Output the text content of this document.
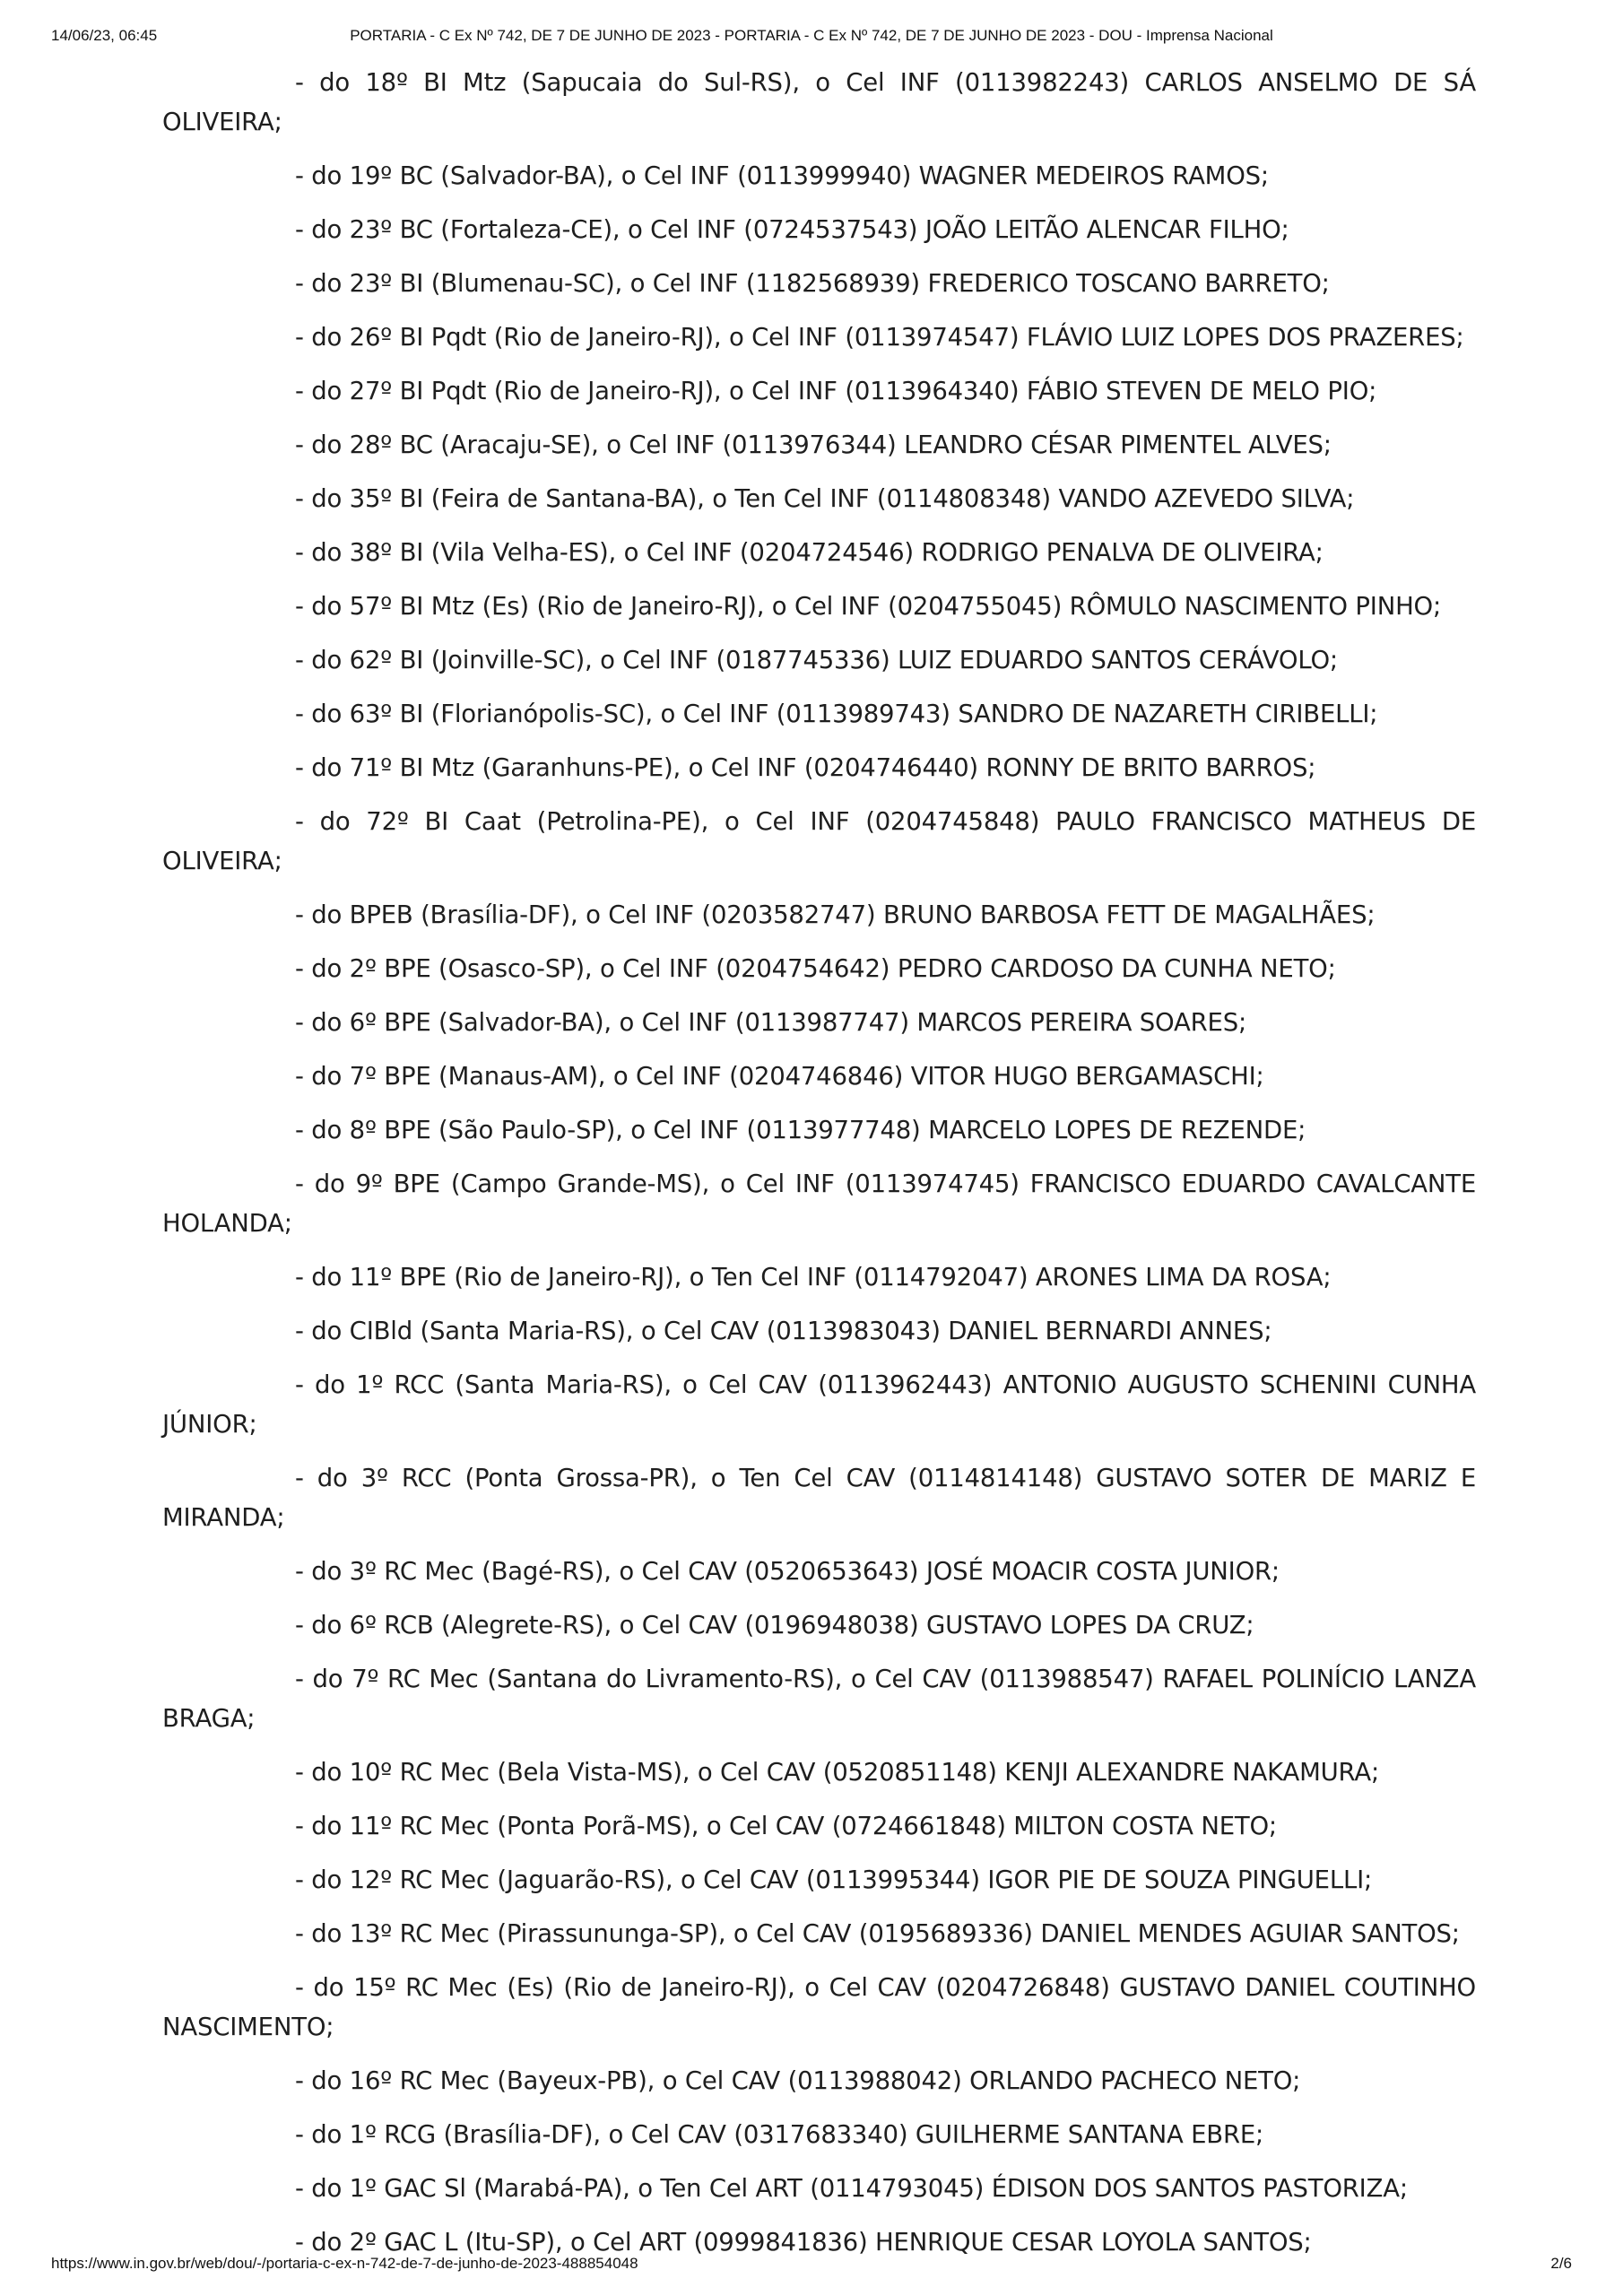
14/06/23, 06:45	PORTARIA - C Ex Nº 742, DE 7 DE JUNHO DE 2023 - PORTARIA - C Ex Nº 742, DE 7 DE JUNHO DE 2023 - DOU - Imprensa Nacional

- do 18º BI Mtz (Sapucaia do Sul-RS), o Cel INF (0113982243) CARLOS ANSELMO DE SÁ OLIVEIRA;

- do 19º BC (Salvador-BA), o Cel INF (0113999940) WAGNER MEDEIROS RAMOS;

- do 23º BC (Fortaleza-CE), o Cel INF (0724537543) JOÃO LEITÃO ALENCAR FILHO;

- do 23º BI (Blumenau-SC), o Cel INF (1182568939) FREDERICO TOSCANO BARRETO;

- do 26º BI Pqdt (Rio de Janeiro-RJ), o Cel INF (0113974547) FLÁVIO LUIZ LOPES DOS PRAZERES;

- do 27º BI Pqdt (Rio de Janeiro-RJ), o Cel INF (0113964340) FÁBIO STEVEN DE MELO PIO;

- do 28º BC (Aracaju-SE), o Cel INF (0113976344) LEANDRO CÉSAR PIMENTEL ALVES;

- do 35º BI (Feira de Santana-BA), o Ten Cel INF (0114808348) VANDO AZEVEDO SILVA;

- do 38º BI (Vila Velha-ES), o Cel INF (0204724546) RODRIGO PENALVA DE OLIVEIRA;

- do 57º BI Mtz (Es) (Rio de Janeiro-RJ), o Cel INF (0204755045) RÔMULO NASCIMENTO PINHO;

- do 62º BI (Joinville-SC), o Cel INF (0187745336) LUIZ EDUARDO SANTOS CERÁVOLO;

- do 63º BI (Florianópolis-SC), o Cel INF (0113989743) SANDRO DE NAZARETH CIRIBELLI;

- do 71º BI Mtz (Garanhuns-PE), o Cel INF (0204746440) RONNY DE BRITO BARROS;

- do 72º BI Caat (Petrolina-PE), o Cel INF (0204745848) PAULO FRANCISCO MATHEUS DE OLIVEIRA;

- do BPEB (Brasília-DF), o Cel INF (0203582747) BRUNO BARBOSA FETT DE MAGALHÃES;

- do 2º BPE (Osasco-SP), o Cel INF (0204754642) PEDRO CARDOSO DA CUNHA NETO;

- do 6º BPE (Salvador-BA), o Cel INF (0113987747) MARCOS PEREIRA SOARES;

- do 7º BPE (Manaus-AM), o Cel INF (0204746846) VITOR HUGO BERGAMASCHI;

- do 8º BPE (São Paulo-SP), o Cel INF (0113977748) MARCELO LOPES DE REZENDE;

- do 9º BPE (Campo Grande-MS), o Cel INF (0113974745) FRANCISCO EDUARDO CAVALCANTE HOLANDA;

- do 11º BPE (Rio de Janeiro-RJ), o Ten Cel INF (0114792047) ARONES LIMA DA ROSA;

- do CIBld (Santa Maria-RS), o Cel CAV (0113983043) DANIEL BERNARDI ANNES;

- do 1º RCC (Santa Maria-RS), o Cel CAV (0113962443) ANTONIO AUGUSTO SCHENINI CUNHA JÚNIOR;

- do 3º RCC (Ponta Grossa-PR), o Ten Cel CAV (0114814148) GUSTAVO SOTER DE MARIZ E MIRANDA;

- do 3º RC Mec (Bagé-RS), o Cel CAV (0520653643) JOSÉ MOACIR COSTA JUNIOR;

- do 6º RCB (Alegrete-RS), o Cel CAV (0196948038) GUSTAVO LOPES DA CRUZ;

- do 7º RC Mec (Santana do Livramento-RS), o Cel CAV (0113988547) RAFAEL POLINÍCIO LANZA BRAGA;

- do 10º RC Mec (Bela Vista-MS), o Cel CAV (0520851148) KENJI ALEXANDRE NAKAMURA;

- do 11º RC Mec (Ponta Porã-MS), o Cel CAV (0724661848) MILTON COSTA NETO;

- do 12º RC Mec (Jaguarão-RS), o Cel CAV (0113995344) IGOR PIE DE SOUZA PINGUELLI;

- do 13º RC Mec (Pirassununga-SP), o Cel CAV (0195689336) DANIEL MENDES AGUIAR SANTOS;

- do 15º RC Mec (Es) (Rio de Janeiro-RJ), o Cel CAV (0204726848) GUSTAVO DANIEL COUTINHO NASCIMENTO;

- do 16º RC Mec (Bayeux-PB), o Cel CAV (0113988042) ORLANDO PACHECO NETO;

- do 1º RCG (Brasília-DF), o Cel CAV (0317683340) GUILHERME SANTANA EBRE;

- do 1º GAC Sl (Marabá-PA), o Ten Cel ART (0114793045) ÉDISON DOS SANTOS PASTORIZA;

- do 2º GAC L (Itu-SP), o Cel ART (0999841836) HENRIQUE CESAR LOYOLA SANTOS;

https://www.in.gov.br/web/dou/-/portaria-c-ex-n-742-de-7-de-junho-de-2023-488854048	2/6
